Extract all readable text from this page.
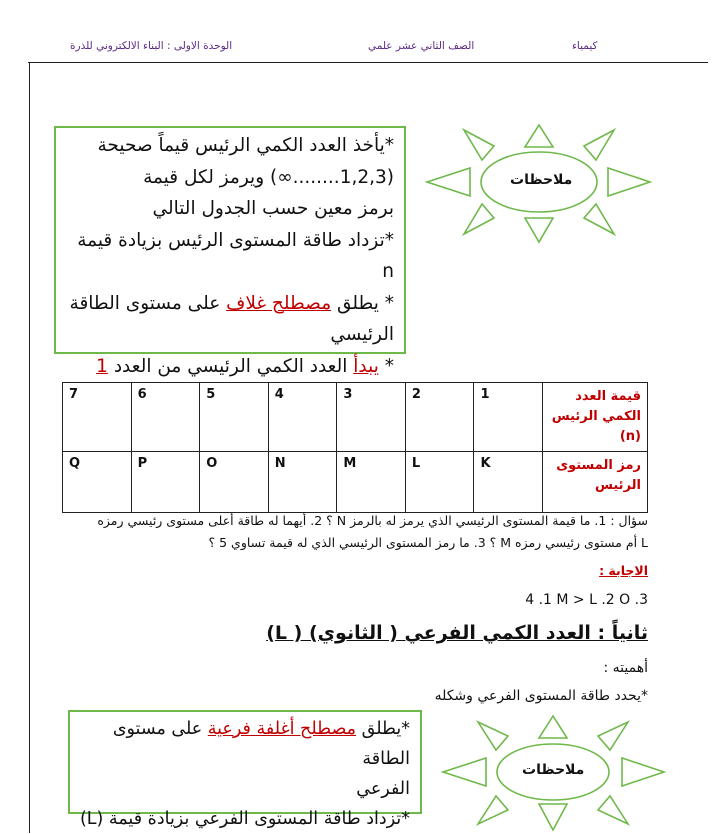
كيمياء
الصف الثاني عشر علمي
الوحدة الاولى : البناء الالكتروني للذرة
ملاحظات
*يأخذ العدد الكمي الرئيس قيماً صحيحة
(1,2,3........∞) ويرمز لكل قيمة
برمز معين حسب الجدول التالي
*تزداد طاقة المستوى الرئيس بزيادة قيمة n
* يطلق مصطلح غلاف على مستوى الطاقة
الرئيسي
* يبدأ العدد الكمي الرئيسي من العدد 1
قيمة العدد الكمي الرئيس (n)	1	2	3	4	5	6	7
رمز المستوى الرئيس	K	L	M	N	O	P	Q
سؤال : 1. ما قيمة المستوى الرئيسي الذي يرمز له بالرمز N ؟ 2. أيهما له طاقة أعلى مستوى رئيسي رمزه
L أم مستوى رئيسي رمزه M ؟ 3. ما رمز المستوى الرئيسي الذي له قيمة تساوي 5 ؟
الاجابة :
4 .1 M > L .2 O .3
ثانياً : العدد الكمي الفرعي ( الثانوي) ( L)
أهميته :
*يحدد طاقة المستوى الفرعي وشكله
ملاحظات
*يطلق مصطلح أغلفة فرعية على مستوى الطاقة
الفرعي
*تزداد طاقة المستوى الفرعي بزيادة قيمة (L)
